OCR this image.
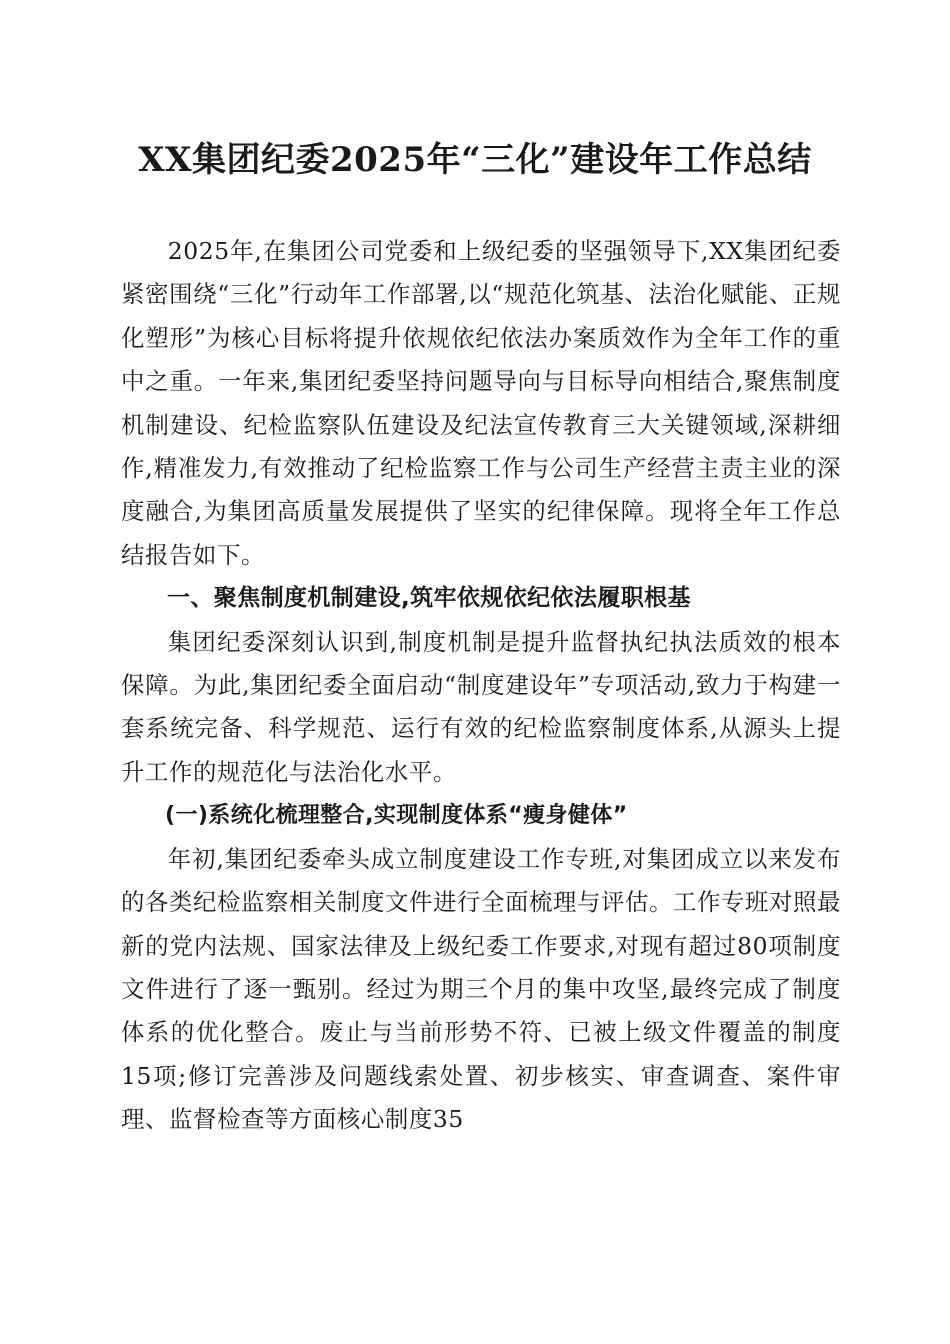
XX集团纪委2025年“三化”建设年工作总结

2025年,在集团公司党委和上级纪委的坚强领导下,XX集团纪委紧密围绕“三化”行动年工作部署,以“规范化筑基、法治化赋能、正规化塑形”为核心目标将提升依规依纪依法办案质效作为全年工作的重中之重。一年来,集团纪委坚持问题导向与目标导向相结合,聚焦制度机制建设、纪检监察队伍建设及纪法宣传教育三大关键领域,深耕细作,精准发力,有效推动了纪检监察工作与公司生产经营主责主业的深度融合,为集团高质量发展提供了坚实的纪律保障。现将全年工作总结报告如下。

一、聚焦制度机制建设,筑牢依规依纪依法履职根基

集团纪委深刻认识到,制度机制是提升监督执纪执法质效的根本保障。为此,集团纪委全面启动“制度建设年”专项活动,致力于构建一套系统完备、科学规范、运行有效的纪检监察制度体系,从源头上提升工作的规范化与法治化水平。

(一)系统化梳理整合,实现制度体系“瘦身健体”

年初,集团纪委牵头成立制度建设工作专班,对集团成立以来发布的各类纪检监察相关制度文件进行全面梳理与评估。工作专班对照最新的党内法规、国家法律及上级纪委工作要求,对现有超过80项制度文件进行了逐一甄别。经过为期三个月的集中攻坚,最终完成了制度体系的优化整合。废止与当前形势不符、已被上级文件覆盖的制度15项;修订完善涉及问题线索处置、初步核实、审查调查、案件审理、监督检查等方面核心制度35
